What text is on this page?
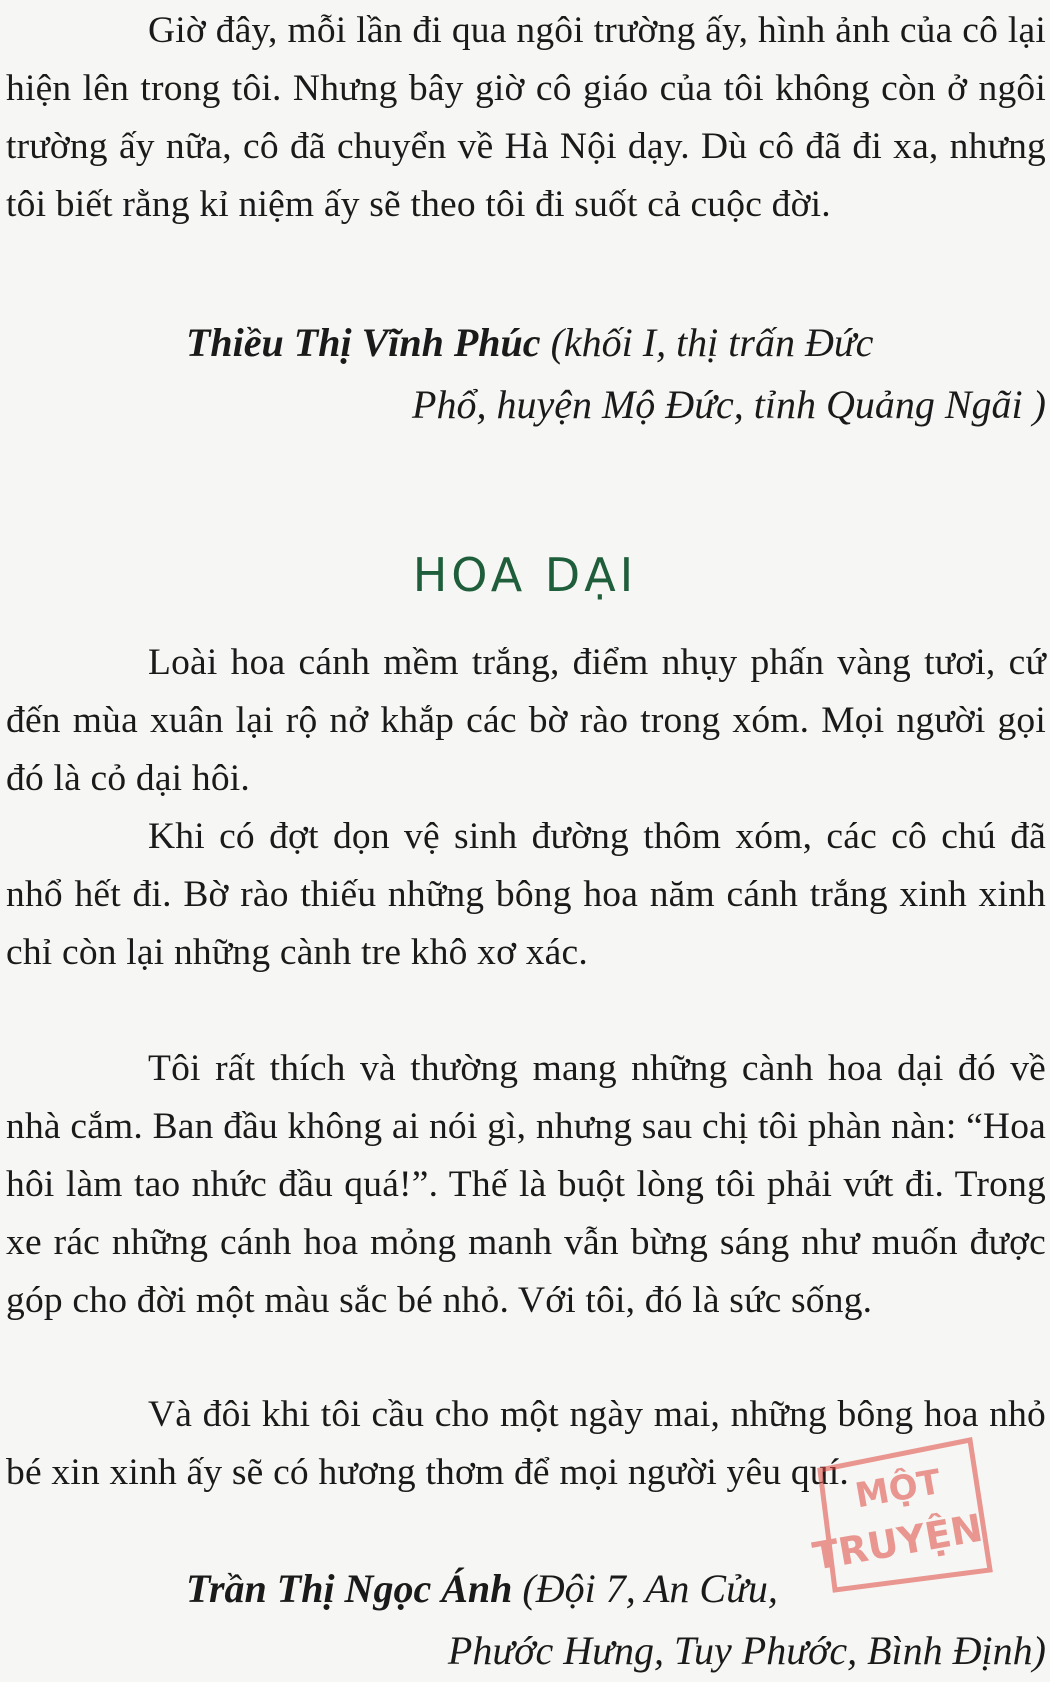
Giờ đây, mỗi lần đi qua ngôi trường ấy, hình ảnh của cô lại hiện lên trong tôi. Nhưng bây giờ cô giáo của tôi không còn ở ngôi trường ấy nữa, cô đã chuyển về Hà Nội dạy. Dù cô đã đi xa, nhưng tôi biết rằng kỉ niệm ấy sẽ theo tôi đi suốt cả cuộc đời.

Thiều Thị Vĩnh Phúc (khối I, thị trấn Đức
Phổ, huyện Mộ Đức, tỉnh Quảng Ngãi )

HOA DẠI

Loài hoa cánh mềm trắng, điểm nhụy phấn vàng tươi, cứ đến mùa xuân lại rộ nở khắp các bờ rào trong xóm. Mọi người gọi đó là cỏ dại hôi.

Khi có đợt dọn vệ sinh đường thôm xóm, các cô chú đã nhổ hết đi. Bờ rào thiếu những bông hoa năm cánh trắng xinh xinh chỉ còn lại những cành tre khô xơ xác.

Tôi rất thích và thường mang những cành hoa dại đó về nhà cắm. Ban đầu không ai nói gì, nhưng sau chị tôi phàn nàn: “Hoa hôi làm tao nhức đầu quá!”. Thế là buột lòng tôi phải vứt đi. Trong xe rác những cánh hoa mỏng manh vẫn bừng sáng như muốn được góp cho đời một màu sắc bé nhỏ. Với tôi, đó là sức sống.

Và đôi khi tôi cầu cho một ngày mai, những bông hoa nhỏ bé xin xinh ấy sẽ có hương thơm để mọi người yêu quí.

Trần Thị Ngọc Ánh (Đội 7, An Cửu,
Phước Hưng, Tuy Phước, Bình Định)

MỘT
TRUYỆN
